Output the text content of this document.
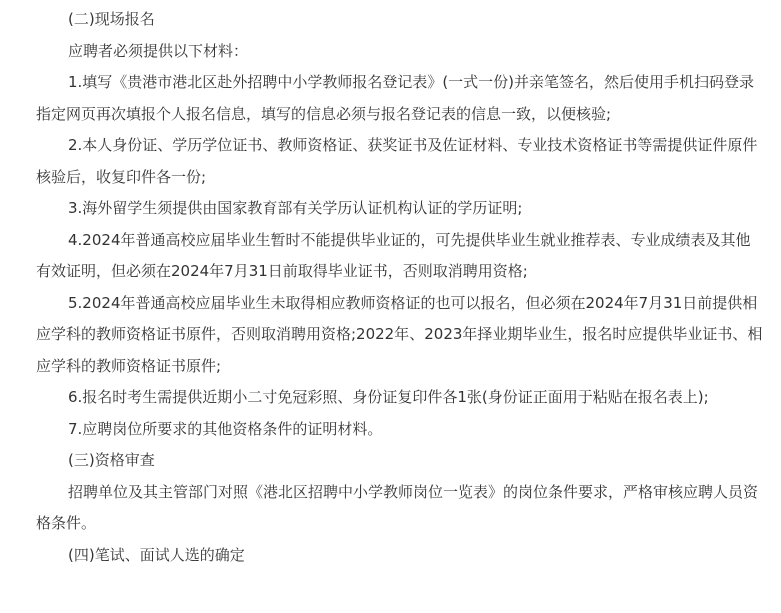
(二)现场报名

应聘者必须提供以下材料：

1.填写《贵港市港北区赴外招聘中小学教师报名登记表》(一式一份)并亲笔签名，然后使用手机扫码登录指定网页再次填报个人报名信息，填写的信息必须与报名登记表的信息一致，以便核验;

2.本人身份证、学历学位证书、教师资格证、获奖证书及佐证材料、专业技术资格证书等需提供证件原件核验后，收复印件各一份;

3.海外留学生须提供由国家教育部有关学历认证机构认证的学历证明;

4.2024年普通高校应届毕业生暂时不能提供毕业证的，可先提供毕业生就业推荐表、专业成绩表及其他有效证明，但必须在2024年7月31日前取得毕业证书，否则取消聘用资格;

5.2024年普通高校应届毕业生未取得相应教师资格证的也可以报名，但必须在2024年7月31日前提供相应学科的教师资格证书原件，否则取消聘用资格;2022年、2023年择业期毕业生，报名时应提供毕业证书、相应学科的教师资格证书原件;

6.报名时考生需提供近期小二寸免冠彩照、身份证复印件各1张(身份证正面用于粘贴在报名表上);

7.应聘岗位所要求的其他资格条件的证明材料。

(三)资格审查

招聘单位及其主管部门对照《港北区招聘中小学教师岗位一览表》的岗位条件要求，严格审核应聘人员资格条件。

(四)笔试、面试人选的确定
